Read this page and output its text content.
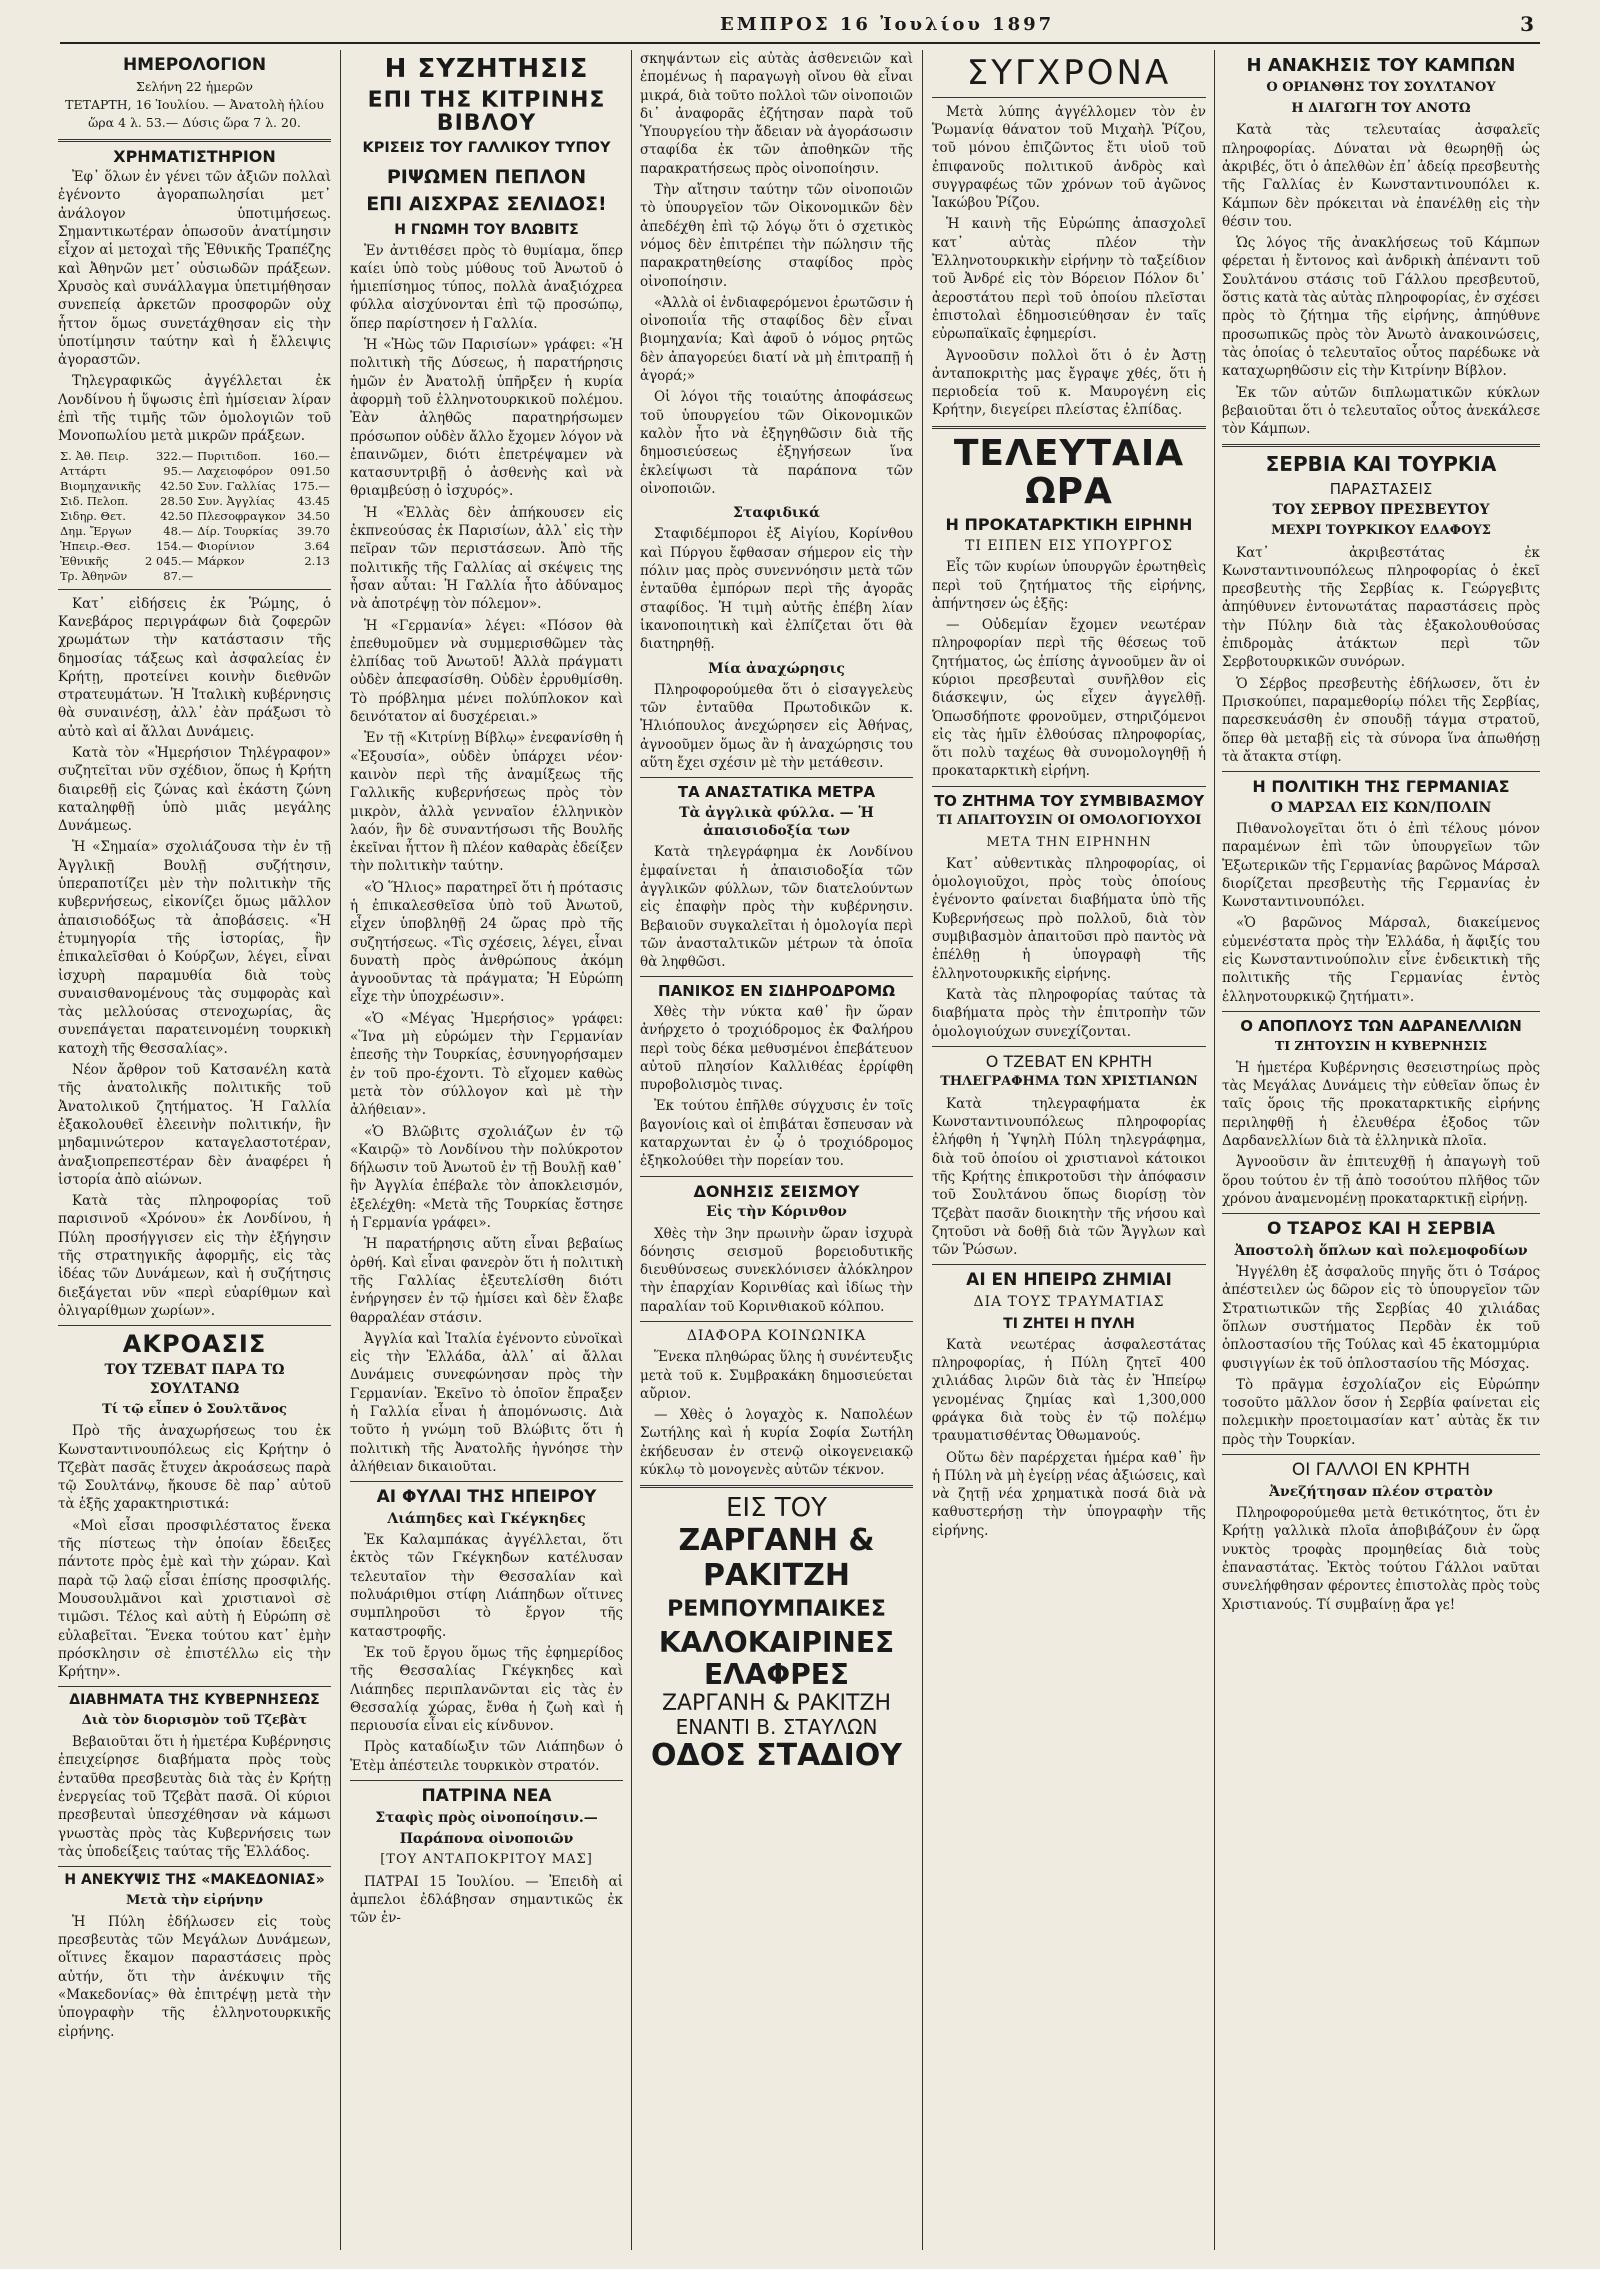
ΕΜΠΡΟΣ 16 Ἰουλίου 1897	3
ΗΜΕΡΟΛΟΓΙΟΝ
Σελήνη 22 ἡμερῶν
ΤΕΤΑΡΤΗ, 16 Ἰουλίου. — Ἀνατολὴ ἡλίου ὥρα 4 λ. 53.— Δύσις ὥρα 7 λ. 20.
ΧΡΗΜΑΤΙΣΤΗΡΙΟΝ

Ἐφ᾽ ὅλων ἐν γένει τῶν ἀξιῶν πολλαὶ ἐγένοντο ἀγοραπωλησίαι μετ᾽ ἀνάλογον ὑποτιμήσεως. Σημαντικωτέραν ὁπωσοῦν ἀνατίμησιν εἶχον αἱ μετοχαὶ τῆς Ἐθνικῆς Τραπέζης καὶ Ἀθηνῶν μετ᾽ οὐσιωδῶν πράξεων. Χρυσὸς καὶ συνάλλαγμα ὑπετιμήθησαν συνεπείᾳ ἀρκετῶν προσφορῶν οὐχ ἧττον ὅμως συνετάχθησαν εἰς τὴν ὑποτίμησιν ταύτην καὶ ἡ ἔλλειψις ἀγοραστῶν.

Τηλεγραφικῶς ἀγγέλλεται ἐκ Λονδίνου ἡ ὕψωσις ἐπὶ ἡμίσειαν λίραν ἐπὶ τῆς τιμῆς τῶν ὁμολογιῶν τοῦ Μονοπωλίου μετὰ μικρῶν πράξεων.

Σ. Ἀθ. Πειρ.	322.—	Πυριτιδοπ.	160.—
Αττάρτι	95.—	Λαχειοφόρον	091.50
Βιομηχανικῆς	42.50	Συν. Γαλλίας	175.—
Σιδ. Πελοπ.	28.50	Συν. Ἀγγλίας	43.45
Σιδηρ. Θετ.	42.50	Πλεσοφραγκον	34.50
Δημ. Ἔργων	48.—	Δίρ. Τουρκίας	39.70
Ἠπειρ.-Θεσ.	154.—	Φιορίνιον	3.64
Ἐθνικῆς	2 045.—	Μάρκον	2.13
Τρ. Ἀθηνῶν	87.—		

Κατ᾽ εἰδήσεις ἐκ Ῥώμης, ὁ Κανεβάρος περιγράφων διὰ ζοφερῶν χρωμάτων τὴν κατάστασιν τῆς δημοσίας τάξεως καὶ ἀσφαλείας ἐν Κρήτῃ, προτείνει κοινὴν διεθνῶν στρατευμάτων. Ἡ Ἰταλικὴ κυβέρνησις θὰ συναινέσῃ, ἀλλ᾽ ἐὰν πράξωσι τὸ αὐτὸ καὶ αἱ ἄλλαι Δυνάμεις.

Κατὰ τὸν «Ἡμερήσιον Τηλέγραφον» συζητεῖται νῦν σχέδιον, ὅπως ἡ Κρήτη διαιρεθῇ εἰς ζώνας καὶ ἑκάστη ζώνη καταληφθῇ ὑπὸ μιᾶς μεγάλης Δυνάμεως.

Ἡ «Σημαία» σχολιάζουσα τὴν ἐν τῇ Ἀγγλικῇ Βουλῇ συζήτησιν, ὑπεραποτίζει μὲν τὴν πολιτικὴν τῆς κυβερνήσεως, εἰκονίζει ὅμως μᾶλλον ἀπαισιοδόξως τὰ ἀποβάσεις. «Ἡ ἑτυμηγορία τῆς ἱστορίας, ἣν ἐπικαλεῖσθαι ὁ Κούρζων, λέγει, εἶναι ἰσχυρὴ παραμυθία διὰ τοὺς συναισθανομένους τὰς συμφορὰς καὶ τὰς μελλούσας στενοχωρίας, ἃς συνεπάγεται παρατεινομένη τουρκικὴ κατοχὴ τῆς Θεσσαλίας».

Νέον ἄρθρον τοῦ Κατσανέλη κατὰ τῆς ἀνατολικῆς πολιτικῆς τοῦ Ἀνατολικοῦ ζητήματος. Ἡ Γαλλία ἐξακολουθεῖ ἐλεεινὴν πολιτικήν, ἣν μηδαμινώτερον καταγελαστοτέραν, ἀναξιοπρεπεστέραν δὲν ἀναφέρει ἡ ἱστορία ἀπὸ αἰώνων.

Κατὰ τὰς πληροφορίας τοῦ παρισινοῦ «Χρόνου» ἐκ Λονδίνου, ἡ Πύλη προσήγγισεν εἰς τὴν ἐξήγησιν τῆς στρατηγικῆς ἀφορμῆς, εἰς τὰς ἰδέας τῶν Δυνάμεων, καὶ ἡ συζήτησις διεξάγεται νῦν «περὶ εὐαρίθμων καὶ ὀλιγαρίθμων χωρίων».

ΑΚΡΟΑΣΙΣ
ΤΟΥ ΤΖΕΒΑΤ ΠΑΡΑ ΤΩ ΣΟΥΛΤΑΝΩ
Τί τῷ εἶπεν ὁ Σουλτᾶνος

Πρὸ τῆς ἀναχωρήσεως του ἐκ Κωνσταντινουπόλεως εἰς Κρήτην ὁ Τζεβὰτ πασᾶς ἔτυχεν ἀκροάσεως παρὰ τῷ Σουλτάνῳ, ἤκουσε δὲ παρ᾽ αὐτοῦ τὰ ἑξῆς χαρακτηριστικά:

«Μοὶ εἶσαι προσφιλέστατος ἕνεκα τῆς πίστεως τὴν ὁποίαν ἔδειξες πάντοτε πρὸς ἐμὲ καὶ τὴν χώραν. Καὶ παρὰ τῷ λαῷ εἶσαι ἐπίσης προσφιλής. Μουσουλμᾶνοι καὶ χριστιανοὶ σὲ τιμῶσι. Τέλος καὶ αὐτὴ ἡ Εὐρώπη σὲ εὐλαβεῖται. Ἕνεκα τούτου κατ᾽ ἐμὴν πρόσκλησιν σὲ ἐπιστέλλω εἰς τὴν Κρήτην».

ΔΙΑΒΗΜΑΤΑ ΤΗΣ ΚΥΒΕΡΝΗΣΕΩΣ
Διὰ τὸν διορισμὸν τοῦ Τζεβὰτ

Βεβαιοῦται ὅτι ἡ ἡμετέρα Κυβέρνησις ἐπειχείρησε διαβήματα πρὸς τοὺς ἐνταῦθα πρεσβευτὰς διὰ τὰς ἐν Κρήτῃ ἐνεργείας τοῦ Τζεβὰτ πασᾶ. Οἱ κύριοι πρεσβευταὶ ὑπεσχέθησαν νὰ κάμωσι γνωστὰς πρὸς τὰς Κυβερνήσεις των τὰς ὑποδείξεις ταύτας τῆς Ἑλλάδος.

Η ΑΝΕΚΥΨΙΣ ΤΗΣ «ΜΑΚΕΔΟΝΙΑΣ»
Μετὰ τὴν εἰρήνην

Ἡ Πύλη ἐδήλωσεν εἰς τοὺς πρεσβευτὰς τῶν Μεγάλων Δυνάμεων, οἵτινες ἔκαμον παραστάσεις πρὸς αὐτήν, ὅτι τὴν ἀνέκυψιν τῆς «Μακεδονίας» θὰ ἐπιτρέψῃ μετὰ τὴν ὑπογραφὴν τῆς ἑλληνοτουρκικῆς εἰρήνης.

Η ΣΥΖΗΤΗΣΙΣ
ΕΠΙ ΤΗΣ ΚΙΤΡΙΝΗΣ ΒΙΒΛΟΥ
ΚΡΙΣΕΙΣ ΤΟΥ ΓΑΛΛΙΚΟΥ ΤΥΠΟΥ
ΡΙΨΩΜΕΝ ΠΕΠΛΟΝ
ΕΠΙ ΑΙΣΧΡΑΣ ΣΕΛΙΔΟΣ!
Η ΓΝΩΜΗ ΤΟΥ ΒΛΩΒΙΤΣ

Ἐν ἀντιθέσει πρὸς τὸ θυμίαμα, ὅπερ καίει ὑπὸ τοὺς μύθους τοῦ Ἀνωτοῦ ὁ ἡμιεπίσημος τύπος, πολλὰ ἀναξιόχρεα φύλλα αἰσχύνονται ἐπὶ τῷ προσώπῳ, ὅπερ παρίστησεν ἡ Γαλλία.

Ἡ «Ἠὼς τῶν Παρισίων» γράφει: «Ἡ πολιτικὴ τῆς Δύσεως, ἡ παρατήρησις ἡμῶν ἐν Ἀνατολῇ ὑπῆρξεν ἡ κυρία ἀφορμὴ τοῦ ἑλληνοτουρκικοῦ πολέμου. Ἐὰν ἀληθῶς παρατηρήσωμεν πρόσωπον οὐδὲν ἄλλο ἔχομεν λόγον νὰ ἐπαινῶμεν, διότι ἐπετρέψαμεν νὰ κατασυντριβῇ ὁ ἀσθενὴς καὶ νὰ θριαμβεύσῃ ὁ ἰσχυρός».

Ἡ «Ἑλλὰς δὲν ἀπήκουσεν εἰς ἐκπνεούσας ἐκ Παρισίων, ἀλλ᾽ εἰς τὴν πεῖραν τῶν περιστάσεων. Ἀπὸ τῆς πολιτικῆς τῆς Γαλλίας αἱ σκέψεις της ἦσαν αὗται: Ἡ Γαλλία ἦτο ἀδύναμος νὰ ἀποτρέψῃ τὸν πόλεμον».

Ἡ «Γερμανία» λέγει: «Πόσον θὰ ἐπεθυμοῦμεν νὰ συμμερισθῶμεν τὰς ἐλπίδας τοῦ Ἀνωτοῦ! Ἀλλὰ πράγματι οὐδὲν ἀπεφασίσθη. Οὐδὲν ἐρρυθμίσθη. Τὸ πρόβλημα μένει πολύπλοκον καὶ δεινότατον αἱ δυσχέρειαι.»

Ἐν τῇ «Κιτρίνῃ Βίβλῳ» ἐνεφανίσθη ἡ «Ἐξουσία», οὐδὲν ὑπάρχει νέον· καινὸν περὶ τῆς ἀναμίξεως τῆς Γαλλικῆς κυβερνήσεως πρὸς τὸν μικρὸν, ἀλλὰ γενναῖον ἑλληνικὸν λαόν, ἣν δὲ συναντήσωσι τῆς Βουλῆς ἐκεῖναι ἧττον ἢ πλέον καθαρὰς ἐδείξεν τὴν πολιτικὴν ταύτην.

«Ὁ Ἥλιος» παρατηρεῖ ὅτι ἡ πρότασις ἡ ἐπικαλεσθεῖσα ὑπὸ τοῦ Ἀνωτοῦ, εἶχεν ὑποβληθῇ 24 ὥρας πρὸ τῆς συζητήσεως. «Τὶς σχέσεις, λέγει, εἶναι δυνατὴ πρὸς ἀνθρώπους ἀκόμη ἀγνοοῦντας τὰ πράγματα; Ἡ Εὐρώπη εἶχε τὴν ὑποχρέωσιν».

«Ὁ «Μέγας Ἠμερήσιος» γράφει: «Ἵνα μὴ εὑρώμεν τὴν Γερμανίαν ἐπεσῆς τὴν Τουρκίας, ἐσυνηγορήσαμεν ἐν τοῦ προ-έχοντι. Τὸ εἴχομεν καθὼς μετὰ τὸν σύλλογον καὶ μὲ τὴν ἀλήθειαν».

«Ὁ Βλῶβιτς σχολιάζων ἐν τῷ «Καιρῷ» τὸ Λονδίνου τὴν πολύκροτον δήλωσιν τοῦ Ἀνωτοῦ ἐν τῇ Βουλῇ καθ᾽ ἣν Ἀγγλία ἐπέβαλε τὸν ἀποκλεισμόν, ἐξελέχθη: «Μετὰ τῆς Τουρκίας ἔστησε ἡ Γερμανία γράφει».

Ἡ παρατήρησις αὕτη εἶναι βεβαίως ὀρθή. Καὶ εἶναι φανερὸν ὅτι ἡ πολιτικὴ τῆς Γαλλίας ἐξευτελίσθη διότι ἐνήργησεν ἐν τῷ ἡμίσει καὶ δὲν ἔλαβε θαρραλέαν στάσιν.

Ἀγγλία καὶ Ἰταλία ἐγένοντο εὐνοϊκαὶ εἰς τὴν Ἑλλάδα, ἀλλ᾽ αἱ ἄλλαι Δυνάμεις συνεφώνησαν πρὸς τὴν Γερμανίαν. Ἐκεῖνο τὸ ὁποῖον ἔπραξεν ἡ Γαλλία εἶναι ἡ ἀπομόνωσις. Διὰ τοῦτο ἡ γνώμη τοῦ Βλώβιτς ὅτι ἡ πολιτικὴ τῆς Ἀνατολῆς ἠγνόησε τὴν ἀλήθειαν δικαιοῦται.

ΑΙ ΦΥΛΑΙ ΤΗΣ ΗΠΕΙΡΟΥ
Λιάπηδες καὶ Γκέγκηδες

Ἐκ Καλαμπάκας ἀγγέλλεται, ὅτι ἐκτὸς τῶν Γκέγκηδων κατέλυσαν τελευταῖον τὴν Θεσσαλίαν καὶ πολυάριθμοι στίφη Λιάπηδων οἵτινες συμπληροῦσι τὸ ἔργον τῆς καταστροφῆς.

Ἐκ τοῦ ἔργου ὅμως τῆς ἐφημερίδος τῆς Θεσσαλίας Γκέγκηδες καὶ Λιάπηδες περιπλανῶνται εἰς τὰς ἐν Θεσσαλίᾳ χώρας, ἔνθα ἡ ζωὴ καὶ ἡ περιουσία εἶναι εἰς κίνδυνον.

Πρὸς καταδίωξιν τῶν Λιάπηδων ὁ Ἐτὲμ ἀπέστειλε τουρκικὸν στρατόν.

ΠΑΤΡΙΝΑ ΝΕΑ
Σταφὶς πρὸς οἰνοποίησιν.—
Παράπονα οἰνοποιῶν
[ΤΟΥ ΑΝΤΑΠΟΚΡΙΤΟΥ ΜΑΣ]

ΠΑΤΡΑΙ 15 Ἰουλίου. — Ἐπειδὴ αἱ ἀμπελοι ἐδλάβησαν σημαντικῶς ἐκ τῶν ἐν-

σκηψάντων εἰς αὐτὰς ἀσθενειῶν καὶ ἐπομένως ἡ παραγωγὴ οἴνου θὰ εἶναι μικρά, διὰ τοῦτο πολλοὶ τῶν οἰνοποιῶν δι᾽ ἀναφορᾶς ἐζήτησαν παρὰ τοῦ Ὑπουργείου τὴν ἄδειαν νὰ ἀγοράσωσιν σταφίδα ἐκ τῶν ἀποθηκῶν τῆς παρακρατήσεως πρὸς οἰνοποίησιν.

Τὴν αἴτησιν ταύτην τῶν οἰνοποιῶν τὸ ὑπουργεῖον τῶν Οἰκονομικῶν δὲν ἀπεδέχθη ἐπὶ τῷ λόγῳ ὅτι ὁ σχετικὸς νόμος δὲν ἐπιτρέπει τὴν πώλησιν τῆς παρακρατηθείσης σταφίδος πρὸς οἰνοποίησιν.

«Ἀλλὰ οἱ ἐνδιαφερόμενοι ἐρωτῶσιν ἡ οἰνοποιΐα τῆς σταφίδος δὲν εἶναι βιομηχανία; Καὶ ἀφοῦ ὁ νόμος ρητῶς δὲν ἀπαγορεύει διατί νὰ μὴ ἐπιτραπῇ ἡ ἀγορά;»

Οἱ λόγοι τῆς τοιαύτης ἀποφάσεως τοῦ ὑπουργείου τῶν Οἰκονομικῶν καλὸν ἦτο νὰ ἐξηγηθῶσιν διὰ τῆς δημοσιεύσεως ἐξηγήσεων ἵνα ἐκλείψωσι τὰ παράπονα τῶν οἰνοποιῶν.

Σταφιδικά

Σταφιδέμποροι ἐξ Αἰγίου, Κορίνθου καὶ Πύργου ἔφθασαν σήμερον εἰς τὴν πόλιν μας πρὸς συνεννόησιν μετὰ τῶν ἐνταῦθα ἐμπόρων περὶ τῆς ἀγορᾶς σταφίδος. Ἡ τιμὴ αὐτῆς ἐπέβη λίαν ἱκανοποιητικὴ καὶ ἐλπίζεται ὅτι θὰ διατηρηθῇ.

Μία ἀναχώρησις

Πληροφορούμεθα ὅτι ὁ εἰσαγγελεὺς τῶν ἐνταῦθα Πρωτοδικῶν κ. Ἠλιόπουλος ἀνεχώρησεν εἰς Ἀθήνας, ἀγνοοῦμεν ὅμως ἂν ἡ ἀναχώρησις του αὕτη ἔχει σχέσιν μὲ τὴν μετάθεσιν.

ΤΑ ΑΝΑΣΤΑΤΙΚΑ ΜΕΤΡΑ
Τὰ ἀγγλικὰ φύλλα. — Ἡ ἀπαισιοδοξία των

Κατὰ τηλεγράφημα ἐκ Λονδίνου ἐμφαίνεται ἡ ἀπαισιοδοξία τῶν ἀγγλικῶν φύλλων, τῶν διατελούντων εἰς ἐπαφὴν πρὸς τὴν κυβέρνησιν. Βεβαιοῦν συγκαλεῖται ἡ ὁμολογία περὶ τῶν ἀνασταλτικῶν μέτρων τὰ ὁποῖα θὰ ληφθῶσι.

ΠΑΝΙΚΟΣ ΕΝ ΣΙΔΗΡΟΔΡΟΜΩ

Χθὲς τὴν νύκτα καθ᾽ ἣν ὥραν ἀνήρχετο ὁ τροχιόδρομος ἐκ Φαλήρου περὶ τοὺς δέκα μεθυσμένοι ἐπεβάτευον αὐτοῦ πλησίον Καλλιθέας ἐρρίφθη πυροβολισμὸς τινας.

Ἐκ τούτου ἐπῆλθε σύγχυσις ἐν τοῖς βαγονίοις καὶ οἱ ἐπιβάται ἔσπευσαν νὰ καταρχωνται ἐν ᾧ ὁ τροχιόδρομος ἐξηκολούθει τὴν πορείαν του.

ΔΟΝΗΣΙΣ ΣΕΙΣΜΟΥ
Εἰς τὴν Κόρινθον

Χθὲς τὴν 3ην πρωινὴν ὥραν ἰσχυρὰ δόνησις σεισμοῦ βορειοδυτικῆς διευθύνσεως συνεκλόνισεν ἀλόκληρον τὴν ἐπαρχίαν Κορινθίας καὶ ἰδίως τὴν παραλίαν τοῦ Κορινθιακοῦ κόλπου.

ΔΙΑΦΟΡΑ ΚΟΙΝΩΝΙΚΑ

Ἕνεκα πληθώρας ὕλης ἡ συνέντευξις μετὰ τοῦ κ. Συμβρακάκη δημοσιεύεται αὔριον.

— Χθὲς ὁ λογαχὸς κ. Ναπολέων Σωτήλης καὶ ἡ κυρία Σοφία Σωτήλη ἐκήδευσαν ἐν στενῷ οἰκογενειακῷ κύκλῳ τὸ μονογενὲς αὐτῶν τέκνον.

ΕΙΣ ΤΟΥ
ΖΑΡΓΑΝΗ & ΡΑΚΙΤΖΗ
ΡΕΜΠΟΥΜΠΑΙΚΕΣ
ΚΑΛΟΚΑΙΡΙΝΕΣ
ΕΛΑΦΡΕΣ
ΖΑΡΓΑΝΗ & ΡΑΚΙΤΖΗ
ΕΝΑΝΤΙ Β. ΣΤΑΥΛΩΝ
ΟΔΟΣ ΣΤΑΔΙΟΥ
ΣΥΓΧΡΟΝΑ

Μετὰ λύπης ἀγγέλλομεν τὸν ἐν Ῥωμανίᾳ θάνατον τοῦ Μιχαὴλ Ῥίζου, τοῦ μόνου ἐπιζῶντος ἔτι υἱοῦ τοῦ ἐπιφανοῦς πολιτικοῦ ἀνδρὸς καὶ συγγραφέως τῶν χρόνων τοῦ ἀγῶνος Ἰακώβου Ῥίζου.

Ἡ καινὴ τῆς Εὐρώπης ἀπασχολεῖ κατ᾽ αὐτὰς πλέον τὴν Ἐλληνοτουρκικὴν εἰρήνην τὸ ταξείδιον τοῦ Ἀνδρέ εἰς τὸν Βόρειον Πόλον δι᾽ ἀεροστάτου περὶ τοῦ ὁποίου πλεῖσται ἐπιστολαὶ ἐδημοσιεύθησαν ἐν ταῖς εὐρωπαϊκαῖς ἐφημερίσι.

Ἀγνοοῦσιν πολλοὶ ὅτι ὁ ἐν Ἀστῃ ἀνταποκριτὴς μας ἔγραψε χθές, ὅτι ἡ περιοδεία τοῦ κ. Μαυρογένη εἰς Κρήτην, διεγείρει πλείστας ἐλπίδας.

ΤΕΛΕΥΤΑΙΑ ΩΡΑ
Η ΠΡΟΚΑΤΑΡΚΤΙΚΗ ΕΙΡΗΝΗ
ΤΙ ΕΙΠΕΝ ΕΙΣ ΥΠΟΥΡΓΟΣ

Εἷς τῶν κυρίων ὑπουργῶν ἐρωτηθεὶς περὶ τοῦ ζητήματος τῆς εἰρήνης, ἀπήντησεν ὡς ἑξῆς:

— Οὐδεμίαν ἔχομεν νεωτέραν πληροφορίαν περὶ τῆς θέσεως τοῦ ζητήματος, ὡς ἐπίσης ἀγνοοῦμεν ἂν οἱ κύριοι πρεσβευταὶ συνῆλθον εἰς διάσκεψιν, ὡς εἶχεν ἀγγελθῇ. Ὁπωσδήποτε φρονοῦμεν, στηριζόμενοι εἰς τὰς ἡμῖν ἐλθούσας πληροφορίας, ὅτι πολὺ ταχέως θὰ συνομολογηθῇ ἡ προκαταρκτικὴ εἰρήνη.

ΤΟ ΖΗΤΗΜΑ ΤΟΥ ΣΥΜΒΙΒΑΣΜΟΥ
ΤΙ ΑΠΑΙΤΟΥΣΙΝ ΟΙ ΟΜΟΛΟΓΙΟΥΧΟΙ
ΜΕΤΑ ΤΗΝ ΕΙΡΗΝΗΝ

Κατ᾽ αὐθεντικὰς πληροφορίας, οἱ ὁμολογιοῦχοι, πρὸς τοὺς ὁποίους ἐγένοντο φαίνεται διαβήματα ὑπὸ τῆς Κυβερνήσεως πρὸ πολλοῦ, διὰ τὸν συμβιβασμὸν ἀπαιτοῦσι πρὸ παντὸς νὰ ἐπέλθῃ ἡ ὑπογραφὴ τῆς ἑλληνοτουρκικῆς εἰρήνης.

Κατὰ τὰς πληροφορίας ταύτας τὰ διαβήματα πρὸς τὴν ἐπιτροπὴν τῶν ὁμολογιούχων συνεχίζονται.

Ο ΤΖΕΒΑΤ ΕΝ ΚΡΗΤΗ
ΤΗΛΕΓΡΑΦΗΜΑ ΤΩΝ ΧΡΙΣΤΙΑΝΩΝ

Κατὰ τηλεγραφήματα ἐκ Κωνσταντινουπόλεως πληροφορίας ἐλήφθη ἡ Ὑψηλὴ Πύλη τηλεγράφημα, διὰ τοῦ ὁποίου οἱ χριστιανοὶ κάτοικοι τῆς Κρήτης ἐπικροτοῦσι τὴν ἀπόφασιν τοῦ Σουλτάνου ὅπως διορίσῃ τὸν Τζεβὰτ πασᾶν διοικητὴν τῆς νήσου καὶ ζητοῦσι νὰ δοθῇ διὰ τῶν Ἄγγλων καὶ τῶν Ῥώσων.

ΑΙ ΕΝ ΗΠΕΙΡΩ ΖΗΜΙΑΙ
ΔΙΑ ΤΟΥΣ ΤΡΑΥΜΑΤΙΑΣ
ΤΙ ΖΗΤΕΙ Η ΠΥΛΗ

Κατὰ νεωτέρας ἀσφαλεστάτας πληροφορίας, ἡ Πύλη ζητεῖ 400 χιλιάδας λιρῶν διὰ τὰς ἐν Ἠπείρῳ γενομένας ζημίας καὶ 1,300,000 φράγκα διὰ τοὺς ἐν τῷ πολέμῳ τραυματισθέντας Ὀθωμανούς.

Οὕτω δὲν παρέρχεται ἡμέρα καθ᾽ ἣν ἡ Πύλη νὰ μὴ ἐγείρῃ νέας ἀξιώσεις, καὶ νὰ ζητῇ νέα χρηματικὰ ποσά διὰ νὰ καθυστερήσῃ τὴν ὑπογραφὴν τῆς εἰρήνης.

Η ΑΝΑΚΗΣΙΣ ΤΟΥ ΚΑΜΠΩΝ
Ο ΟΡΙΑΝΘΗΣ ΤΟΥ ΣΟΥΛΤΑΝΟΥ
Η ΔΙΑΓΩΓΗ ΤΟΥ ΑΝΟΤΩ

Κατὰ τὰς τελευταίας ἀσφαλεῖς πληροφορίας. Δύναται νὰ θεωρηθῇ ὡς ἀκριβές, ὅτι ὁ ἀπελθὼν ἐπ᾽ ἀδείᾳ πρεσβευτὴς τῆς Γαλλίας ἐν Κωνσταντινουπόλει κ. Κάμπων δὲν πρόκειται νὰ ἐπανέλθῃ εἰς τὴν θέσιν του.

Ὡς λόγος τῆς ἀνακλήσεως τοῦ Κάμπων φέρεται ἡ ἔντονος καὶ ἀνδρικὴ ἀπέναντι τοῦ Σουλτάνου στάσις τοῦ Γάλλου πρεσβευτοῦ, ὅστις κατὰ τὰς αὐτὰς πληροφορίας, ἐν σχέσει πρὸς τὸ ζήτημα τῆς εἰρήνης, ἀπηύθυνε προσωπικῶς πρὸς τὸν Ἀνωτὸ ἀνακοινώσεις, τὰς ὁποίας ὁ τελευταῖος οὗτος παρέδωκε νὰ καταχωρηθῶσιν εἰς τὴν Κιτρίνην Βίβλον.

Ἐκ τῶν αὐτῶν διπλωματικῶν κύκλων βεβαιοῦται ὅτι ὁ τελευταῖος οὗτος ἀνεκάλεσε τὸν Κάμπων.

ΣΕΡΒΙΑ ΚΑΙ ΤΟΥΡΚΙΑ
ΠΑΡΑΣΤΑΣΕΙΣ
ΤΟΥ ΣΕΡΒΟΥ ΠΡΕΣΒΕΥΤΟΥ
ΜΕΧΡΙ ΤΟΥΡΚΙΚΟΥ ΕΔΑΦΟΥΣ

Κατ᾽ ἀκριβεστάτας ἐκ Κωνσταντινουπόλεως πληροφορίας ὁ ἐκεῖ πρεσβευτὴς τῆς Σερβίας κ. Γεώργεβιτς ἀπηύθυνεν ἐντονωτάτας παραστάσεις πρὸς τὴν Πύλην διὰ τὰς ἐξακολουθούσας ἐπιδρομὰς ἀτάκτων περὶ τῶν Σερβοτουρκικῶν συνόρων.

Ὁ Σέρβος πρεσβευτὴς ἐδήλωσεν, ὅτι ἐν Πρισκούπει, παραμεθορίῳ πόλει τῆς Σερβίας, παρεσκευάσθη ἐν σπουδῇ τάγμα στρατοῦ, ὅπερ θὰ μεταβῇ εἰς τὰ σύνορα ἵνα ἀπωθήσῃ τὰ ἄτακτα στίφη.

Η ΠΟΛΙΤΙΚΗ ΤΗΣ ΓΕΡΜΑΝΙΑΣ
Ο ΜΑΡΣΑΛ ΕΙΣ ΚΩΝ/ΠΟΛΙΝ

Πιθανολογεῖται ὅτι ὁ ἐπὶ τέλους μόνον παραμένων ἐπὶ τῶν ὑπουργεῖων τῶν Ἐξωτερικῶν τῆς Γερμανίας βαρῶνος Μάρσαλ διορίζεται πρεσβευτὴς τῆς Γερμανίας ἐν Κωνσταντινουπόλει.

«Ὁ βαρῶνος Μάρσαλ, διακείμενος εὐμενέστατα πρὸς τὴν Ἑλλάδα, ἡ ἄφιξίς του εἰς Κωνσταντινούπολιν εἶνε ἐνδεικτικὴ τῆς πολιτικῆς τῆς Γερμανίας ἐντὸς ἑλληνοτουρκικῷ ζητήματι».

Ο ΑΠΟΠΛΟΥΣ ΤΩΝ ΑΔΡΑΝΕΛΛΙΩΝ
ΤΙ ΖΗΤΟΥΣΙΝ Η ΚΥΒΕΡΝΗΣΙΣ

Ἡ ἡμετέρα Κυβέρνησις θεσειστηρίως πρὸς τὰς Μεγάλας Δυνάμεις τὴν εὐθεῖαν ὅπως ἐν ταῖς ὅροις τῆς προκαταρκτικῆς εἰρήνης περιληφθῇ ἡ ἐλευθέρα ἐξοδος τῶν Δαρδανελλίων διὰ τὰ ἑλληνικὰ πλοῖα.

Ἀγνοοῦσιν ἂν ἐπιτευχθῇ ἡ ἀπαγωγὴ τοῦ ὅρου τούτου ἐν τῇ ἀπὸ τοσούτου πλῆθος τῶν χρόνου ἀναμενομένῃ προκαταρκτικῇ εἰρήνῃ.

Ο ΤΣΑΡΟΣ ΚΑΙ Η ΣΕΡΒΙΑ
Ἀποστολὴ ὅπλων καὶ πολεμοφοδίων

Ἠγγέλθη ἐξ ἀσφαλοῦς πηγῆς ὅτι ὁ Τσάρος ἀπέστειλεν ὡς δῶρον εἰς τὸ ὑπουργεῖον τῶν Στρατιωτικῶν τῆς Σερβίας 40 χιλιάδας ὅπλων συστήματος Περδὰν ἐκ τοῦ ὁπλοστασίου τῆς Τούλας καὶ 45 ἑκατομμύρια φυσιγγίων ἐκ τοῦ ὁπλοστασίου τῆς Μόσχας.

Τὸ πρᾶγμα ἐσχολίαζον εἰς Εὐρώπην τοσοῦτο μᾶλλον ὅσον ἡ Σερβία φαίνεται εἰς πολεμικὴν προετοιμασίαν κατ᾽ αὐτὰς ἔκ τιν πρὸς τὴν Τουρκίαν.

ΟΙ ΓΑΛΛΟΙ ΕΝ ΚΡΗΤΗ
Ἀνεζήτησαν πλέον στρατὸν

Πληροφορούμεθα μετὰ θετικότητος, ὅτι ἐν Κρήτῃ γαλλικὰ πλοῖα ἀποβιβάζουν ἐν ὥρᾳ νυκτὸς τροφὰς προμηθείας διὰ τοὺς ἐπαναστάτας. Ἐκτὸς τούτου Γάλλοι ναῦται συνελήφθησαν φέροντες ἐπιστολὰς πρὸς τοὺς Χριστιανούς. Τί συμβαίνῃ ἄρα γε!
